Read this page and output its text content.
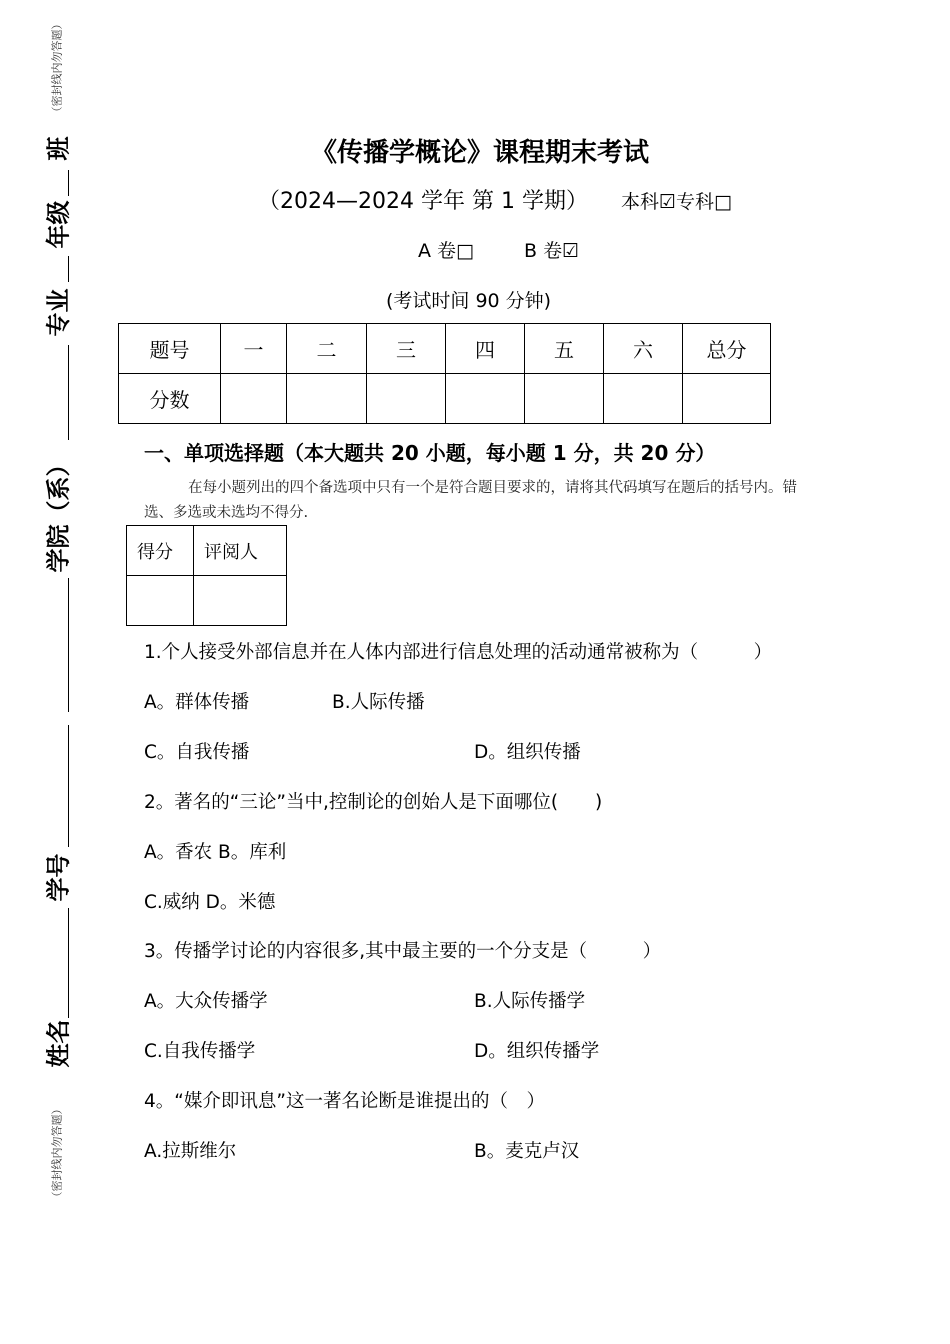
（密封线内勿答题）
班
年级
专业
学院（系）
学号
姓名
（密封线内勿答题）
《传播学概论》课程期末考试
（2024—2024 学年 第 1 学期） 本科☑专科□
A 卷□	B 卷☑
(考试时间 90 分钟)
题号	一	二	三	四	五	六	总分
分数							
一、单项选择题（本大题共 20 小题，每小题 1 分，共 20 分）
在每小题列出的四个备选项中只有一个是符合题目要求的，请将其代码填写在题后的括号内。错选、多选或未选均不得分.
得分	评阅人

1.个人接受外部信息并在人体内部进行信息处理的活动通常被称为（　　　）
A。群体传播	B.人际传播
C。自我传播	D。组织传播
2。著名的“三论”当中,控制论的创始人是下面哪位(　　)
A。香农 B。库利
C.威纳 D。米德
3。传播学讨论的内容很多,其中最主要的一个分支是（　　　）
A。大众传播学	B.人际传播学
C.自我传播学	D。组织传播学
4。“媒介即讯息”这一著名论断是谁提出的（　）
A.拉斯维尔	B。麦克卢汉
